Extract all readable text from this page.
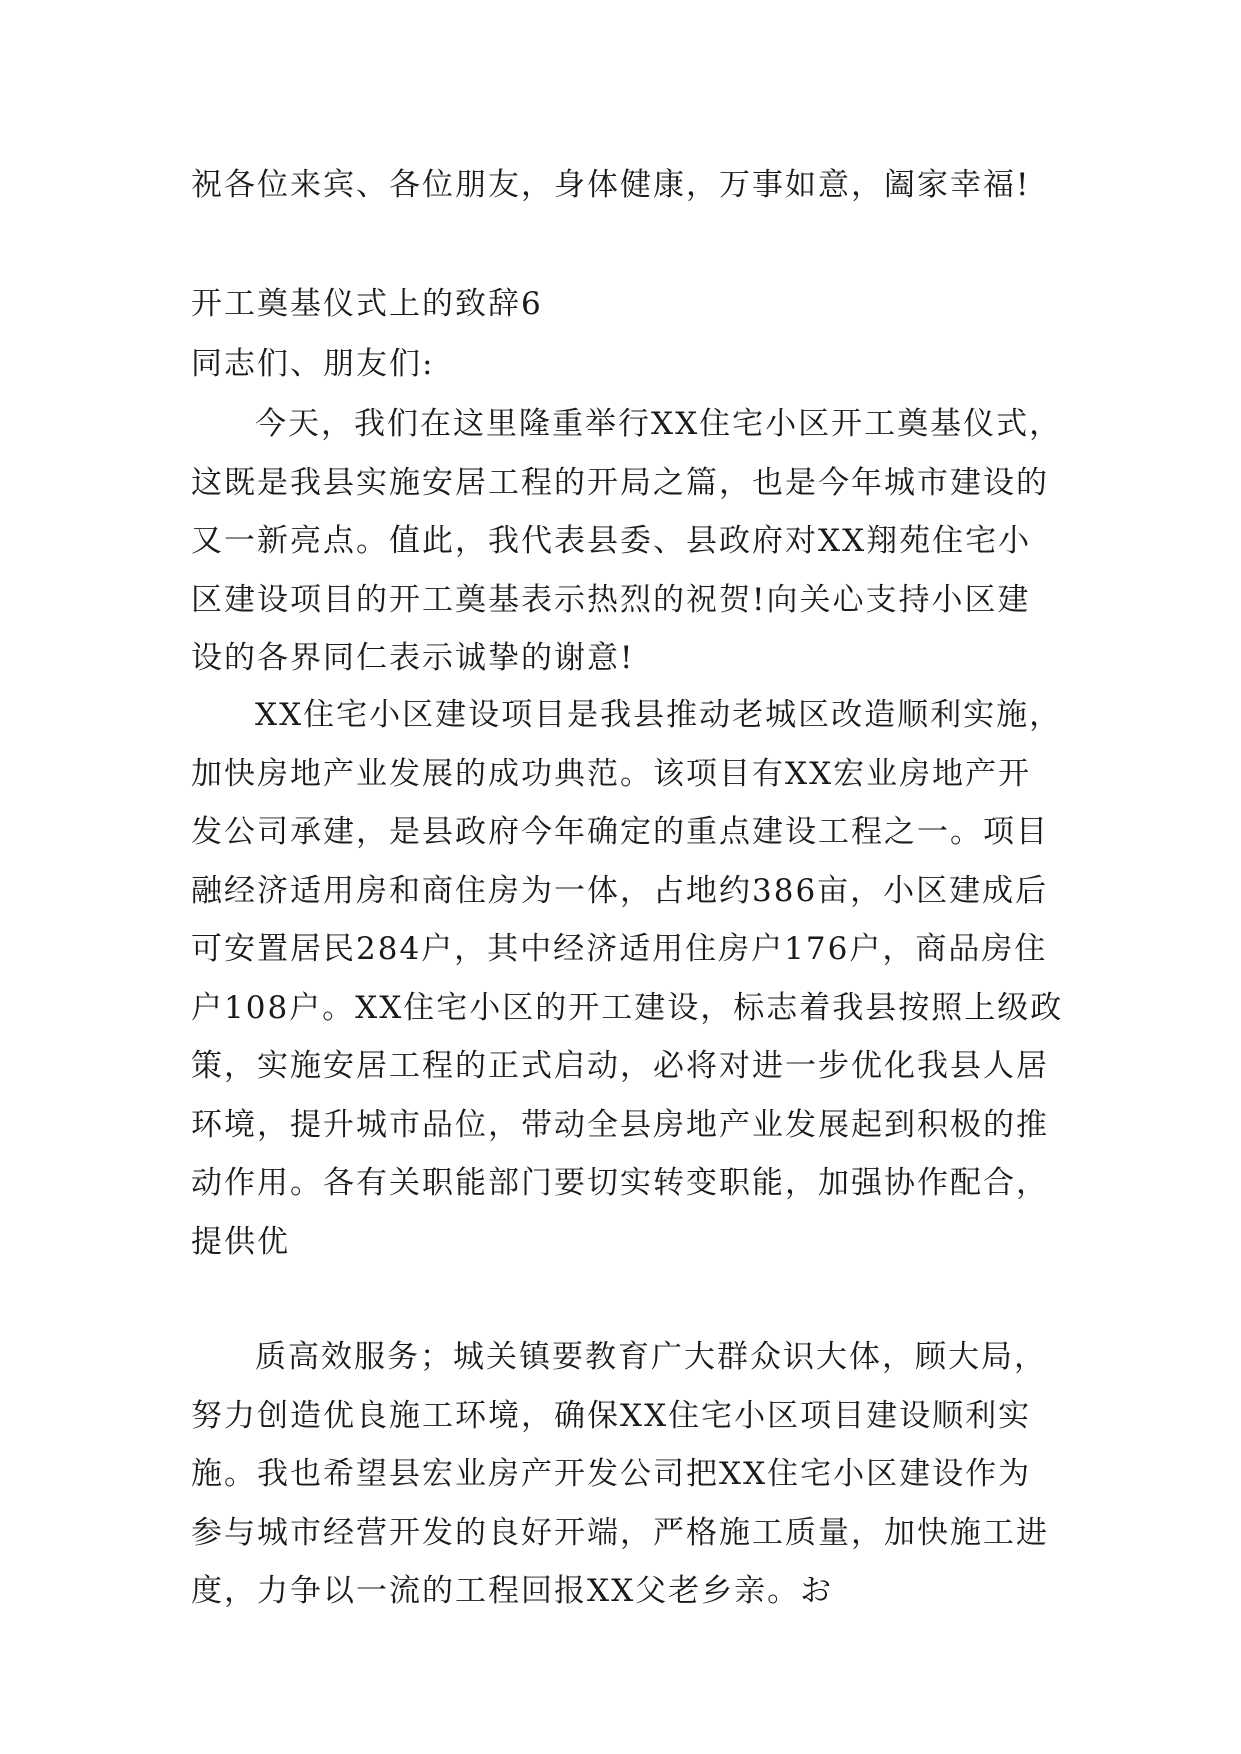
祝各位来宾、各位朋友，身体健康，万事如意，阖家幸福!

开工奠基仪式上的致辞6

同志们、朋友们:

今天，我们在这里隆重举行XX住宅小区开工奠基仪式，
这既是我县实施安居工程的开局之篇，也是今年城市建设的
又一新亮点。值此，我代表县委、县政府对XX翔苑住宅小
区建设项目的开工奠基表示热烈的祝贺!向关心支持小区建
设的各界同仁表示诚挚的谢意!

XX住宅小区建设项目是我县推动老城区改造顺利实施，
加快房地产业发展的成功典范。该项目有XX宏业房地产开
发公司承建，是县政府今年确定的重点建设工程之一。项目
融经济适用房和商住房为一体，占地约386亩，小区建成后
可安置居民284户，其中经济适用住房户176户，商品房住
户108户。XX住宅小区的开工建设，标志着我县按照上级政
策，实施安居工程的正式启动，必将对进一步优化我县人居
环境，提升城市品位，带动全县房地产业发展起到积极的推
动作用。各有关职能部门要切实转变职能，加强协作配合，
提供优

质高效服务；城关镇要教育广大群众识大体，顾大局，
努力创造优良施工环境，确保XX住宅小区项目建设顺利实
施。我也希望县宏业房产开发公司把XX住宅小区建设作为
参与城市经营开发的良好开端，严格施工质量，加快施工进
度，力争以一流的工程回报XX父老乡亲。お
